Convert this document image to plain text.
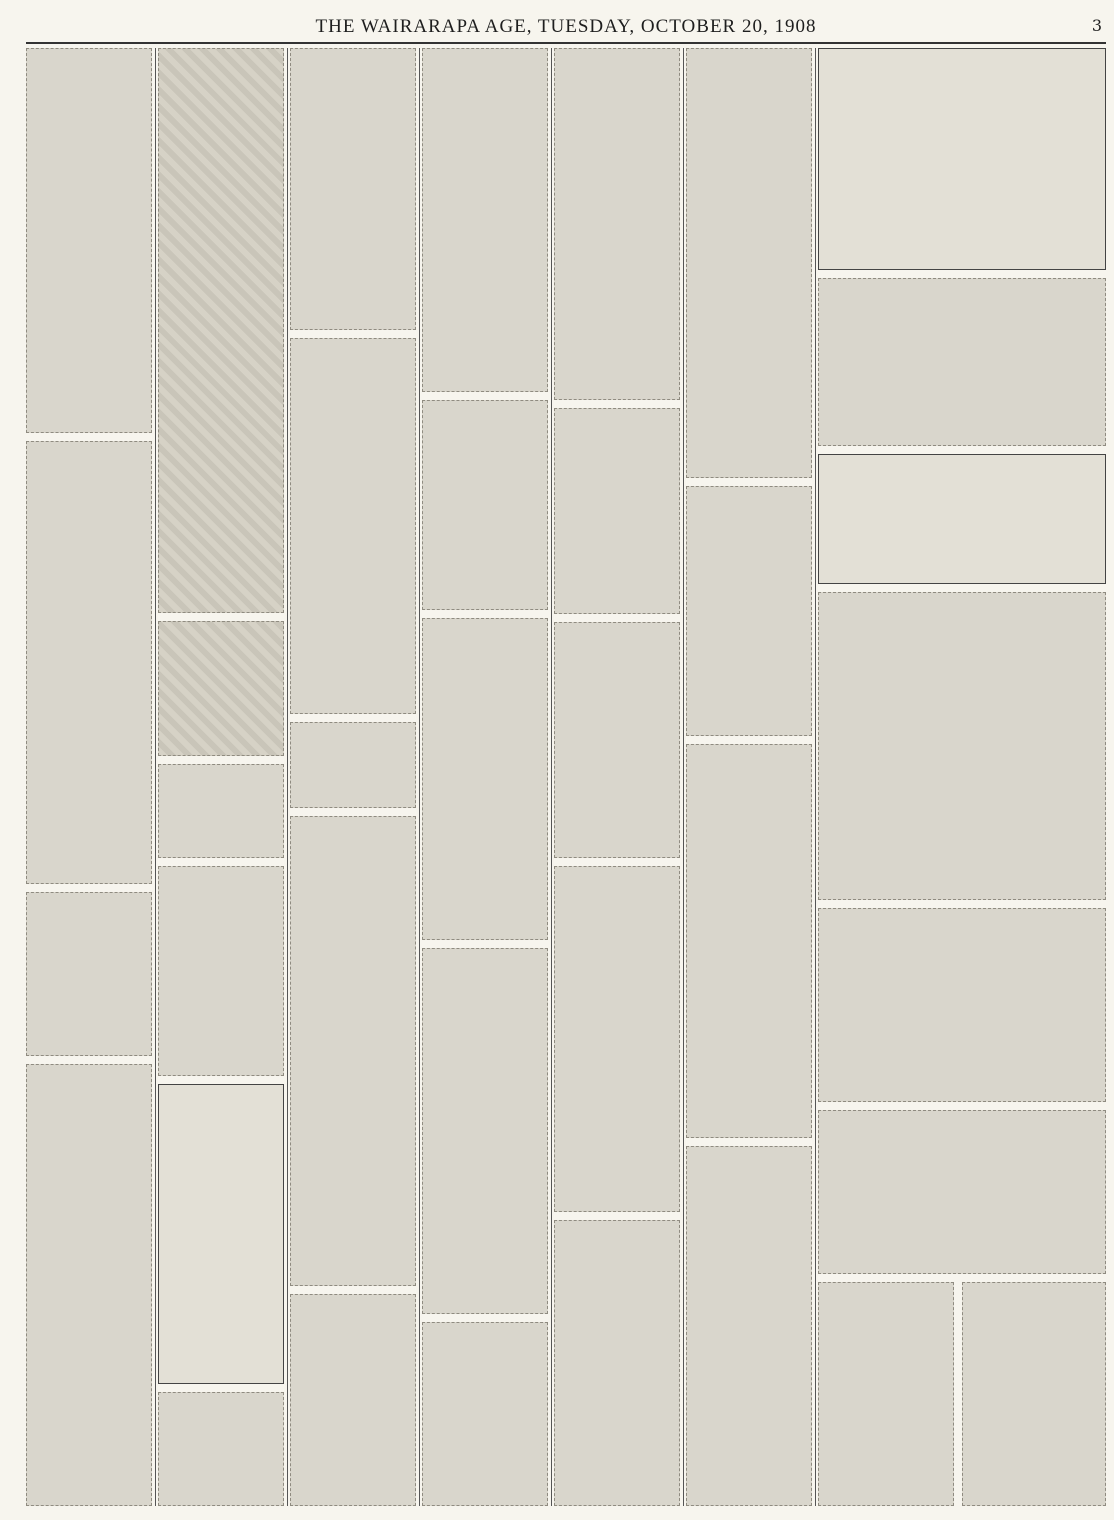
THE WAIRARAPA AGE, TUESDAY, OCTOBER 20, 1908	3
